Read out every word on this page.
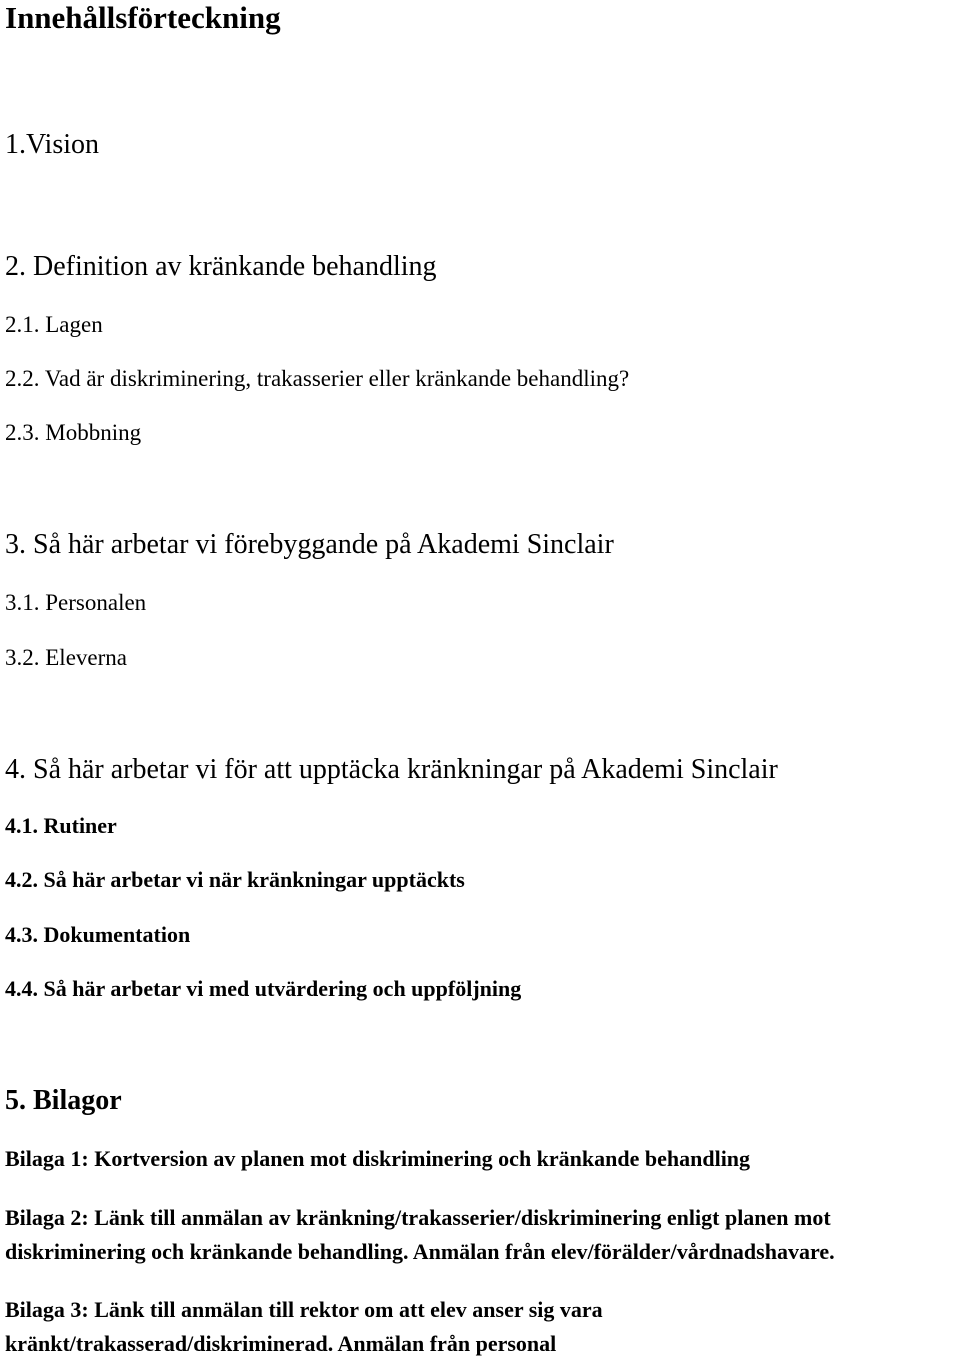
Innehållsförteckning
1.Vision
2. Definition av kränkande behandling
2.1. Lagen
2.2. Vad är diskriminering, trakasserier eller kränkande behandling?
2.3. Mobbning
3. Så här arbetar vi förebyggande på Akademi Sinclair
3.1. Personalen
3.2. Eleverna
4. Så här arbetar vi för att upptäcka kränkningar på Akademi Sinclair
4.1. Rutiner
4.2. Så här arbetar vi när kränkningar upptäckts
4.3. Dokumentation
4.4. Så här arbetar vi med utvärdering och uppföljning
5. Bilagor
Bilaga 1: Kortversion av planen mot diskriminering och kränkande behandling
Bilaga 2: Länk till anmälan av kränkning/trakasserier/diskriminering enligt planen mot
diskriminering och kränkande behandling. Anmälan från elev/förälder/vårdnadshavare.
Bilaga 3: Länk till anmälan till rektor om att elev anser sig vara
kränkt/trakasserad/diskriminerad. Anmälan från personal
